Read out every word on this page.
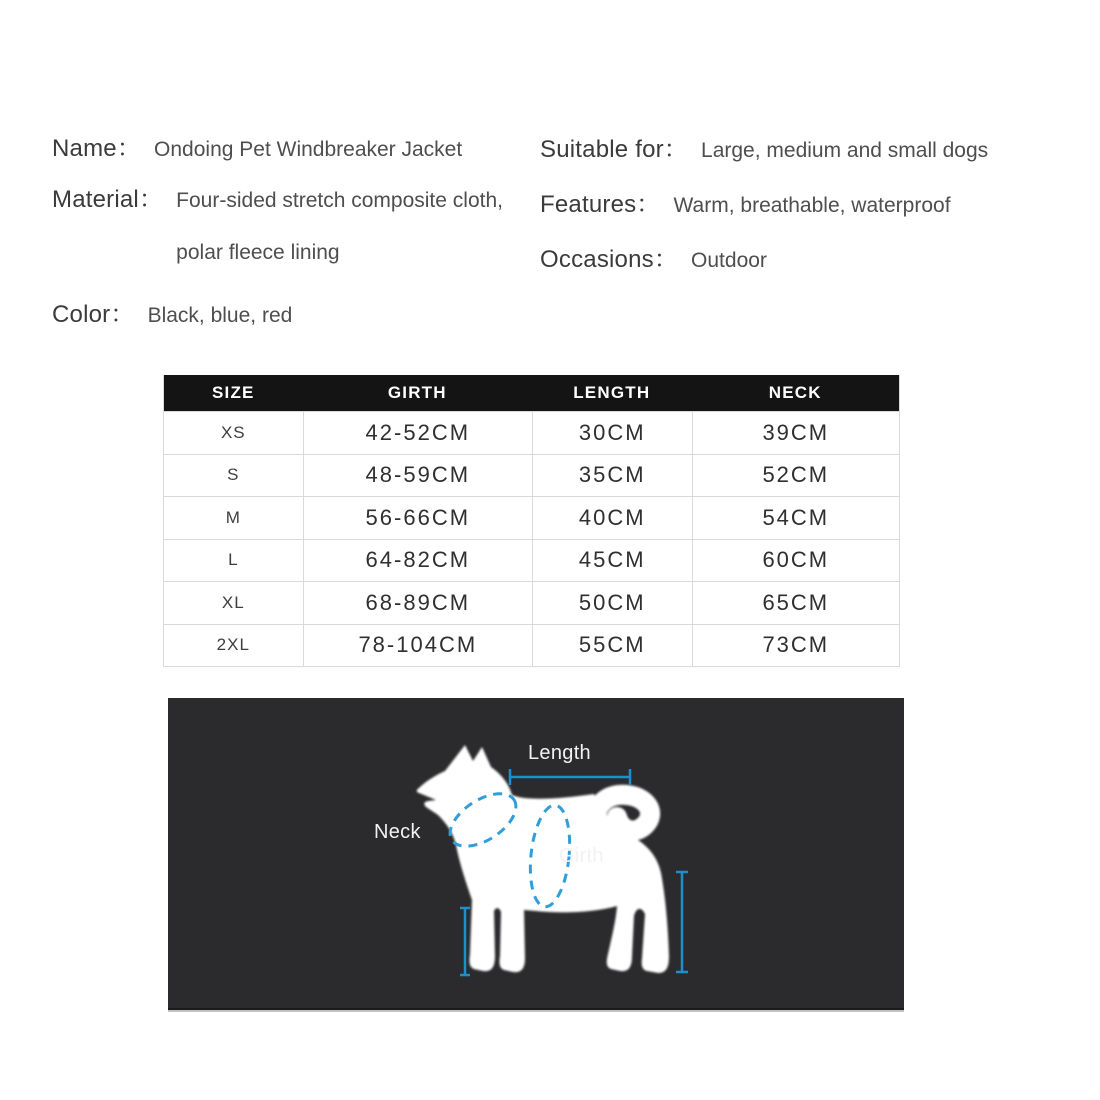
Name： Ondoing Pet Windbreaker Jacket
Material： Four-sided stretch composite cloth, polar fleece lining
Color： Black, blue, red
Suitable for： Large, medium and small dogs
Features： Warm, breathable, waterproof
Occasions： Outdoor
SIZE	GIRTH	LENGTH	NECK
XS	42-52CM	30CM	39CM
S	48-59CM	35CM	52CM
M	56-66CM	40CM	54CM
L	64-82CM	45CM	60CM
XL	68-89CM	50CM	65CM
2XL	78-104CM	55CM	73CM
Length
Neck
Girth
